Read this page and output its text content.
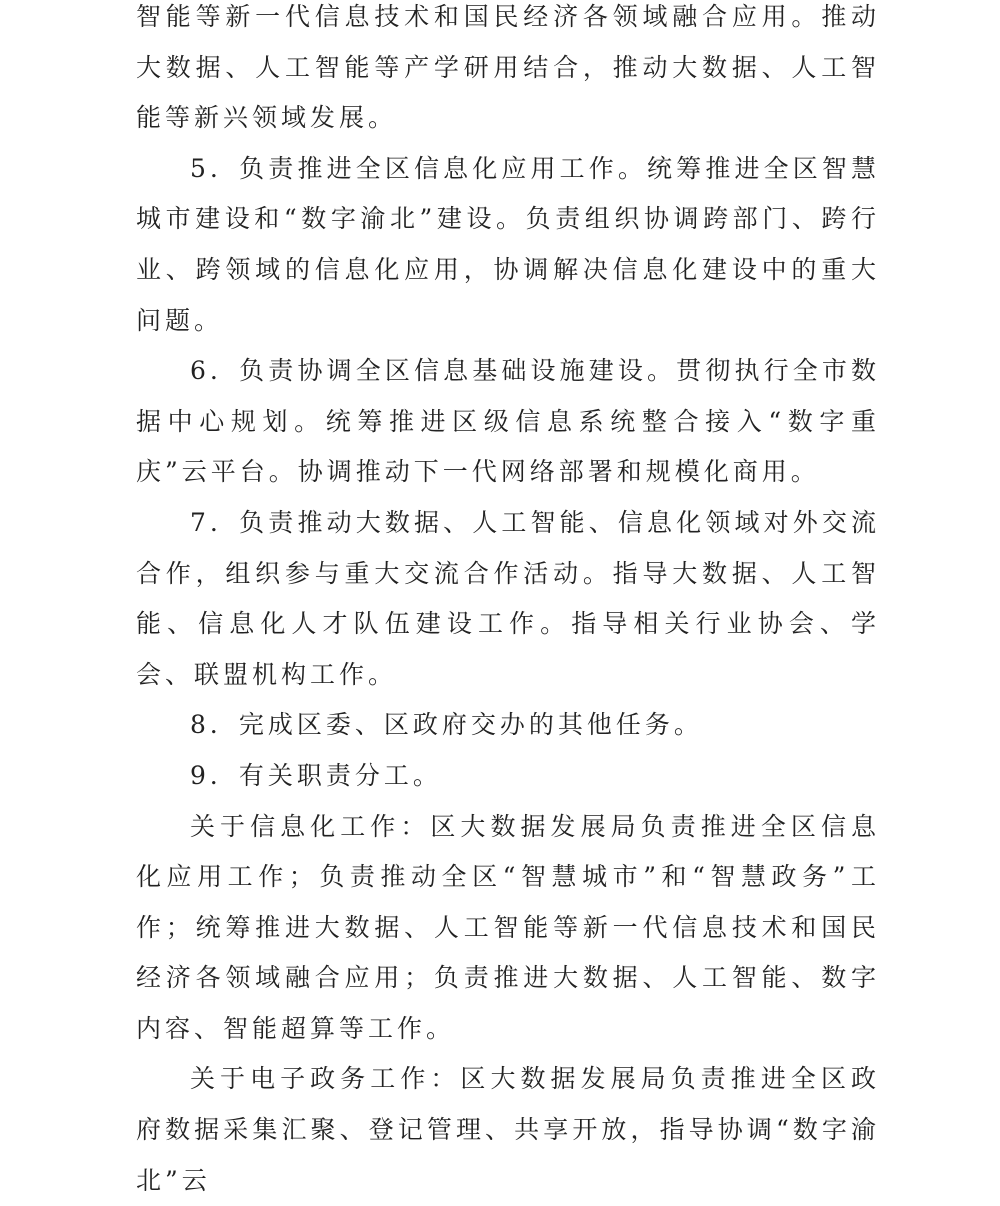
智能等新一代信息技术和国民经济各领域融合应用。推动大数据、人工智能等产学研用结合，推动大数据、人工智能等新兴领域发展。

5．负责推进全区信息化应用工作。统筹推进全区智慧城市建设和“数字渝北”建设。负责组织协调跨部门、跨行业、跨领域的信息化应用，协调解决信息化建设中的重大问题。

6．负责协调全区信息基础设施建设。贯彻执行全市数据中心规划。统筹推进区级信息系统整合接入“数字重庆”云平台。协调推动下一代网络部署和规模化商用。

7．负责推动大数据、人工智能、信息化领域对外交流合作，组织参与重大交流合作活动。指导大数据、人工智能、信息化人才队伍建设工作。指导相关行业协会、学会、联盟机构工作。

8．完成区委、区政府交办的其他任务。

9．有关职责分工。

关于信息化工作：区大数据发展局负责推进全区信息化应用工作；负责推动全区“智慧城市”和“智慧政务”工作；统筹推进大数据、人工智能等新一代信息技术和国民经济各领域融合应用；负责推进大数据、人工智能、数字内容、智能超算等工作。

关于电子政务工作：区大数据发展局负责推进全区政府数据采集汇聚、登记管理、共享开放，指导协调“数字渝北”云
